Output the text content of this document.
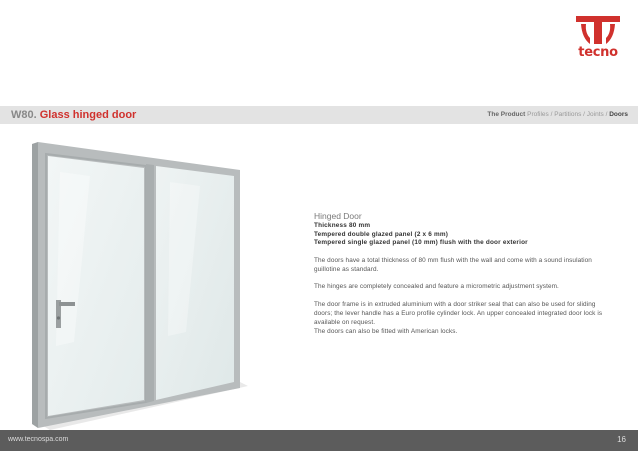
tecno
W80. Glass hinged door	The Product Profiles / Partitions / Joints / Doors
Hinged Door
Thickness 80 mm
Tempered double glazed panel (2 x 6 mm)
Tempered single glazed panel (10 mm) flush with the door exterior
The doors have a total thickness of 80 mm flush with the wall and come with a sound insulation guillotine as standard.
The hinges are completely concealed and feature a micrometric adjustment system.
The door frame is in extruded aluminium with a door striker seal that can also be used for sliding doors; the lever handle has a Euro profile cylinder lock. An upper concealed integrated door lock is available on request.
The doors can also be fitted with American locks.
www.tecnospa.com	16
